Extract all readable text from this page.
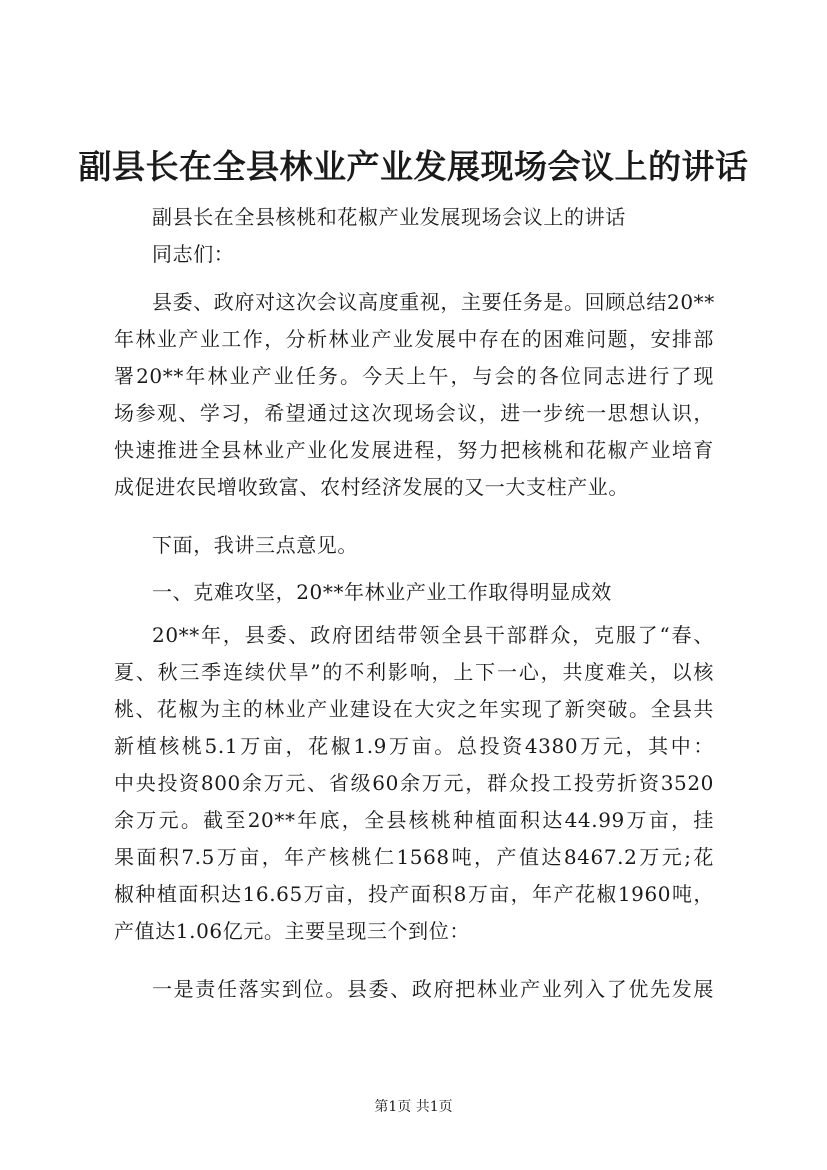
副县长在全县林业产业发展现场会议上的讲话
副县长在全县核桃和花椒产业发展现场会议上的讲话
同志们：
县委、政府对这次会议高度重视，主要任务是。回顾总结20**
年林业产业工作，分析林业产业发展中存在的困难问题，安排部
署20**年林业产业任务。今天上午，与会的各位同志进行了现
场参观、学习，希望通过这次现场会议，进一步统一思想认识，
快速推进全县林业产业化发展进程，努力把核桃和花椒产业培育
成促进农民增收致富、农村经济发展的又一大支柱产业。
下面，我讲三点意见。
一、克难攻坚，20**年林业产业工作取得明显成效
20**年，县委、政府团结带领全县干部群众，克服了“春、
夏、秋三季连续伏旱”的不利影响，上下一心，共度难关，以核
桃、花椒为主的林业产业建设在大灾之年实现了新突破。全县共
新植核桃5.1万亩，花椒1.9万亩。总投资4380万元，其中：
中央投资800余万元、省级60余万元，群众投工投劳折资3520
余万元。截至20**年底，全县核桃种植面积达44.99万亩，挂
果面积7.5万亩，年产核桃仁1568吨，产值达8467.2万元;花
椒种植面积达16.65万亩，投产面积8万亩，年产花椒1960吨，
产值达1.06亿元。主要呈现三个到位：
一是责任落实到位。县委、政府把林业产业列入了优先发展
第1页 共1页
